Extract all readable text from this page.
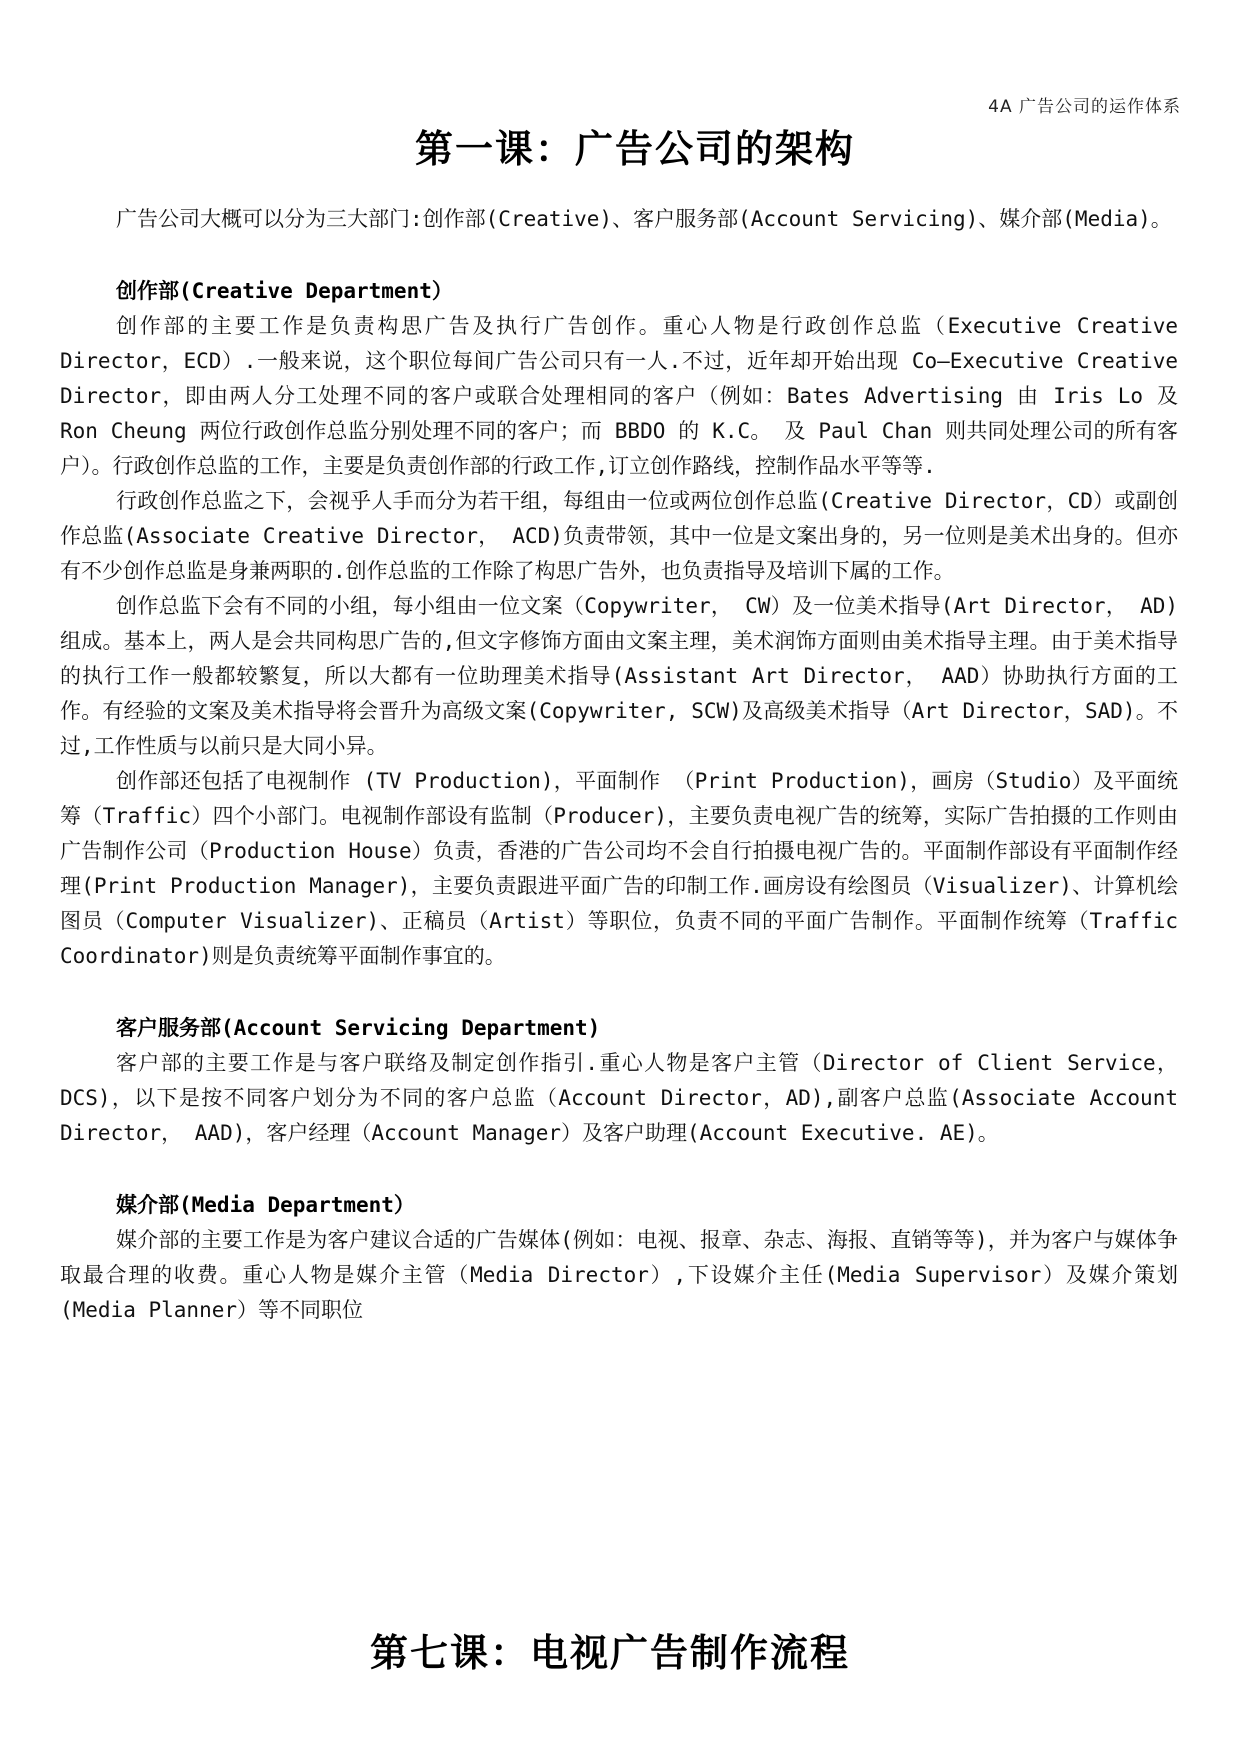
4A 广告公司的运作体系
第一课：广告公司的架构

广告公司大概可以分为三大部门:创作部(Creative)、客户服务部(Account Servicing)、媒介部(Media)。

创作部(Creative Department）

创作部的主要工作是负责构思广告及执行广告创作。重心人物是行政创作总监（Executive Creative Director，ECD）.一般来说，这个职位每间广告公司只有一人.不过，近年却开始出现 Co—Executive Creative Director，即由两人分工处理不同的客户或联合处理相同的客户（例如：Bates Advertising 由 Iris Lo 及 Ron Cheung 两位行政创作总监分别处理不同的客户；而 BBDO 的 K.C。 及 Paul Chan 则共同处理公司的所有客户）。行政创作总监的工作，主要是负责创作部的行政工作,订立创作路线，控制作品水平等等.

行政创作总监之下，会视乎人手而分为若干组，每组由一位或两位创作总监(Creative Director，CD）或副创作总监(Associate Creative Director， ACD)负责带领，其中一位是文案出身的，另一位则是美术出身的。但亦有不少创作总监是身兼两职的.创作总监的工作除了构思广告外，也负责指导及培训下属的工作。

创作总监下会有不同的小组，每小组由一位文案（Copywriter， CW）及一位美术指导(Art Director， AD)组成。基本上，两人是会共同构思广告的,但文字修饰方面由文案主理，美术润饰方面则由美术指导主理。由于美术指导的执行工作一般都较繁复，所以大都有一位助理美术指导(Assistant Art Director， AAD）协助执行方面的工作。有经验的文案及美术指导将会晋升为高级文案(Copywriter, SCW)及高级美术指导（Art Director，SAD)。不过,工作性质与以前只是大同小异。

创作部还包括了电视制作 (TV Production)，平面制作 （Print Production)，画房（Studio）及平面统筹（Traffic）四个小部门。电视制作部设有监制（Producer)，主要负责电视广告的统筹，实际广告拍摄的工作则由广告制作公司（Production House）负责，香港的广告公司均不会自行拍摄电视广告的。平面制作部设有平面制作经理(Print Production Manager)，主要负责跟进平面广告的印制工作.画房设有绘图员（Visualizer)、计算机绘图员（Computer Visualizer)、正稿员（Artist）等职位，负责不同的平面广告制作。平面制作统筹（Traffic Coordinator)则是负责统筹平面制作事宜的。

客户服务部(Account Servicing Department)

客户部的主要工作是与客户联络及制定创作指引.重心人物是客户主管（Director of Client Service， DCS)，以下是按不同客户划分为不同的客户总监（Account Director，AD),副客户总监(Associate Account Director， AAD)，客户经理（Account Manager）及客户助理(Account Executive. AE)。

媒介部(Media Department）

媒介部的主要工作是为客户建议合适的广告媒体(例如：电视、报章、杂志、海报、直销等等)，并为客户与媒体争取最合理的收费。重心人物是媒介主管（Media Director）,下设媒介主任(Media Supervisor）及媒介策划(Media Planner）等不同职位

第七课：电视广告制作流程
